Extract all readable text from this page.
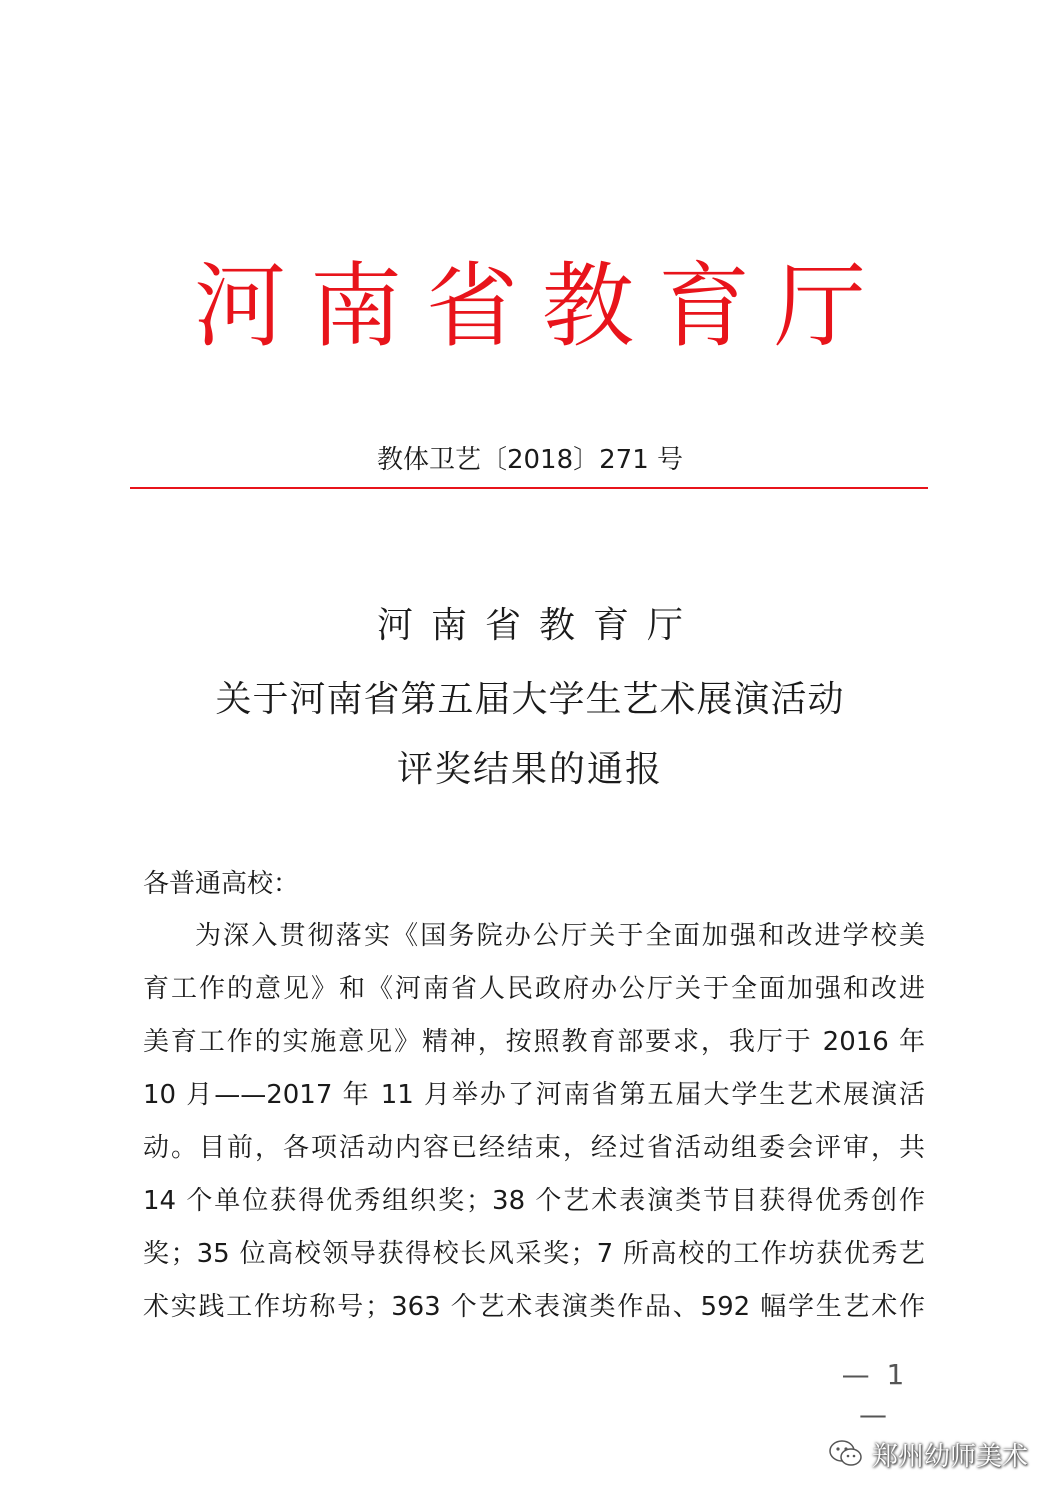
河南省教育厅
教体卫艺〔2018〕271 号
河南省教育厅
关于河南省第五届大学生艺术展演活动
评奖结果的通报
各普通高校：
为深入贯彻落实《国务院办公厅关于全面加强和改进学校美
育工作的意见》和《河南省人民政府办公厅关于全面加强和改进
美育工作的实施意见》精神，按照教育部要求，我厅于 2016 年
10 月——2017 年 11 月举办了河南省第五届大学生艺术展演活
动。目前，各项活动内容已经结束，经过省活动组委会评审，共
14 个单位获得优秀组织奖；38 个艺术表演类节目获得优秀创作
奖；35 位高校领导获得校长风采奖；7 所高校的工作坊获优秀艺
术实践工作坊称号；363 个艺术表演类作品、592 幅学生艺术作
— 1 —
郑州幼师美术
